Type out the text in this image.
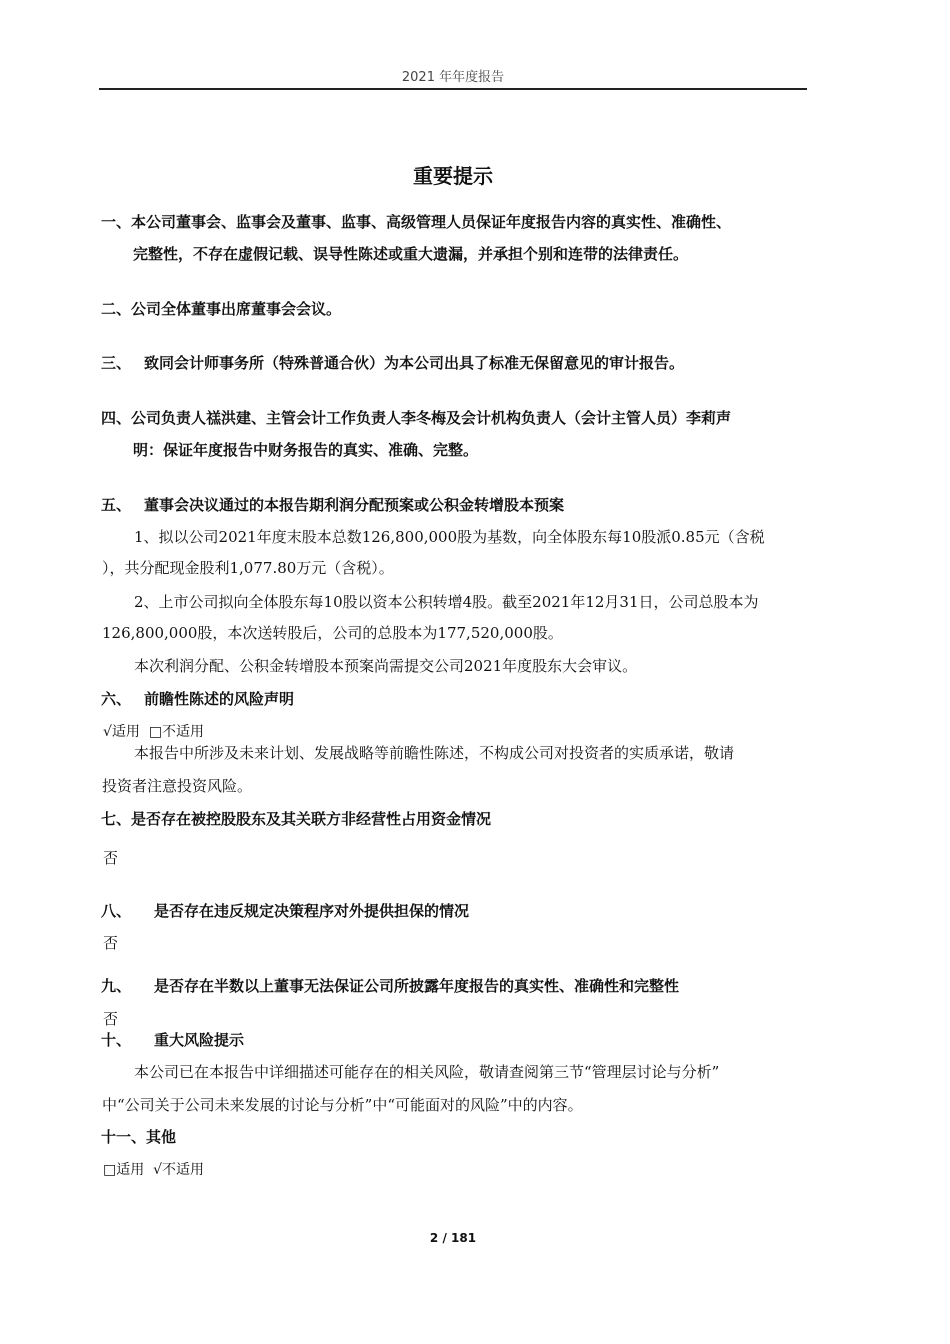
2021 年年度报告
重要提示
一、本公司董事会、监事会及董事、监事、高级管理人员保证年度报告内容的真实性、准确性、
完整性，不存在虚假记载、误导性陈述或重大遗漏，并承担个别和连带的法律责任。
二、公司全体董事出席董事会会议。
三、 致同会计师事务所（特殊普通合伙）为本公司出具了标准无保留意见的审计报告。
四、公司负责人禚洪建、主管会计工作负责人李冬梅及会计机构负责人（会计主管人员）李莉声
明：保证年度报告中财务报告的真实、准确、完整。
五、 董事会决议通过的本报告期利润分配预案或公积金转增股本预案
1、拟以公司2021年度末股本总数126,800,000股为基数，向全体股东每10股派0.85元（含税
），共分配现金股利1,077.80万元（含税）。
2、上市公司拟向全体股东每10股以资本公积转增4股。截至2021年12月31日，公司总股本为
126,800,000股，本次送转股后，公司的总股本为177,520,000股。
本次利润分配、公积金转增股本预案尚需提交公司2021年度股东大会审议。
六、 前瞻性陈述的风险声明
√适用  □不适用
本报告中所涉及未来计划、发展战略等前瞻性陈述，不构成公司对投资者的实质承诺，敬请
投资者注意投资风险。
七、是否存在被控股股东及其关联方非经营性占用资金情况
否
八、 是否存在违反规定决策程序对外提供担保的情况
否
九、 是否存在半数以上董事无法保证公司所披露年度报告的真实性、准确性和完整性
否
十、 重大风险提示
本公司已在本报告中详细描述可能存在的相关风险，敬请查阅第三节“管理层讨论与分析”
中“公司关于公司未来发展的讨论与分析”中“可能面对的风险”中的内容。
十一、其他
□适用  √不适用
2 / 181
